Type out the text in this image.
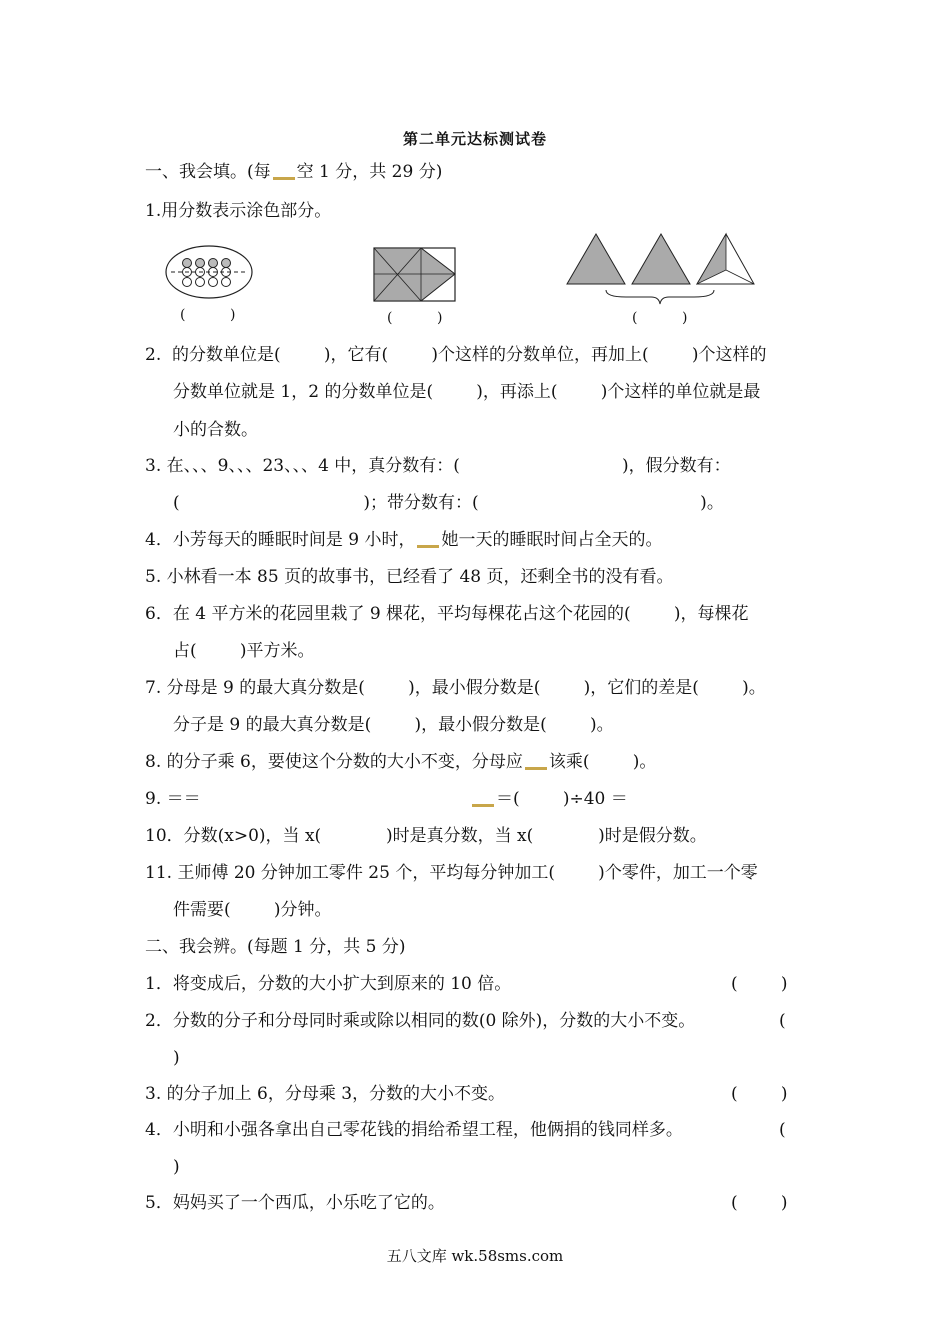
第二单元达标测试卷
一、我会填。(每 空 1 分，共 29 分)
1.用分数表示涂色部分。
(          )	(          )	(          )
2.  的分数单位是(        )，它有(        )个这样的分数单位，再加上(        )个这样的
分数单位就是 1，2 的分数单位是(        )，再添上(        )个这样的单位就是最
小的合数。
3. 在、、、9、、、23、、、4 中，真分数有：(                              )，假分数有：
(                                  )；带分数有：(                                         )。
4．小芳每天的睡眠时间是 9 小时， 她一天的睡眠时间占全天的。
5. 小林看一本 85 页的故事书，已经看了 48 页，还剩全书的没有看。
6．在 4 平方米的花园里栽了 9 棵花，平均每棵花占这个花园的(        )，每棵花
占(        )平方米。
7. 分母是 9 的最大真分数是(        )，最小假分数是(        )，它们的差是(        )。
分子是 9 的最大真分数是(        )，最小假分数是(        )。
8. 的分子乘 6，要使这个分数的大小不变，分母应 该乘(        )。
9. ＝＝	＝(        )÷40 ＝
10．分数(x>0)，当 x(            )时是真分数，当 x(            )时是假分数。
11. 王师傅 20 分钟加工零件 25 个，平均每分钟加工(        )个零件，加工一个零
件需要(        )分钟。
二、我会辨。(每题 1 分，共 5 分)
1．将变成后，分数的大小扩大到原来的 10 倍。	(        )
2．分数的分子和分母同时乘或除以相同的数(0 除外)，分数的大小不变。	(
)
3. 的分子加上 6，分母乘 3，分数的大小不变。	(        )
4．小明和小强各拿出自己零花钱的捐给希望工程，他俩捐的钱同样多。	(
)
5．妈妈买了一个西瓜，小乐吃了它的。	(        )
五八文库 wk.58sms.com
